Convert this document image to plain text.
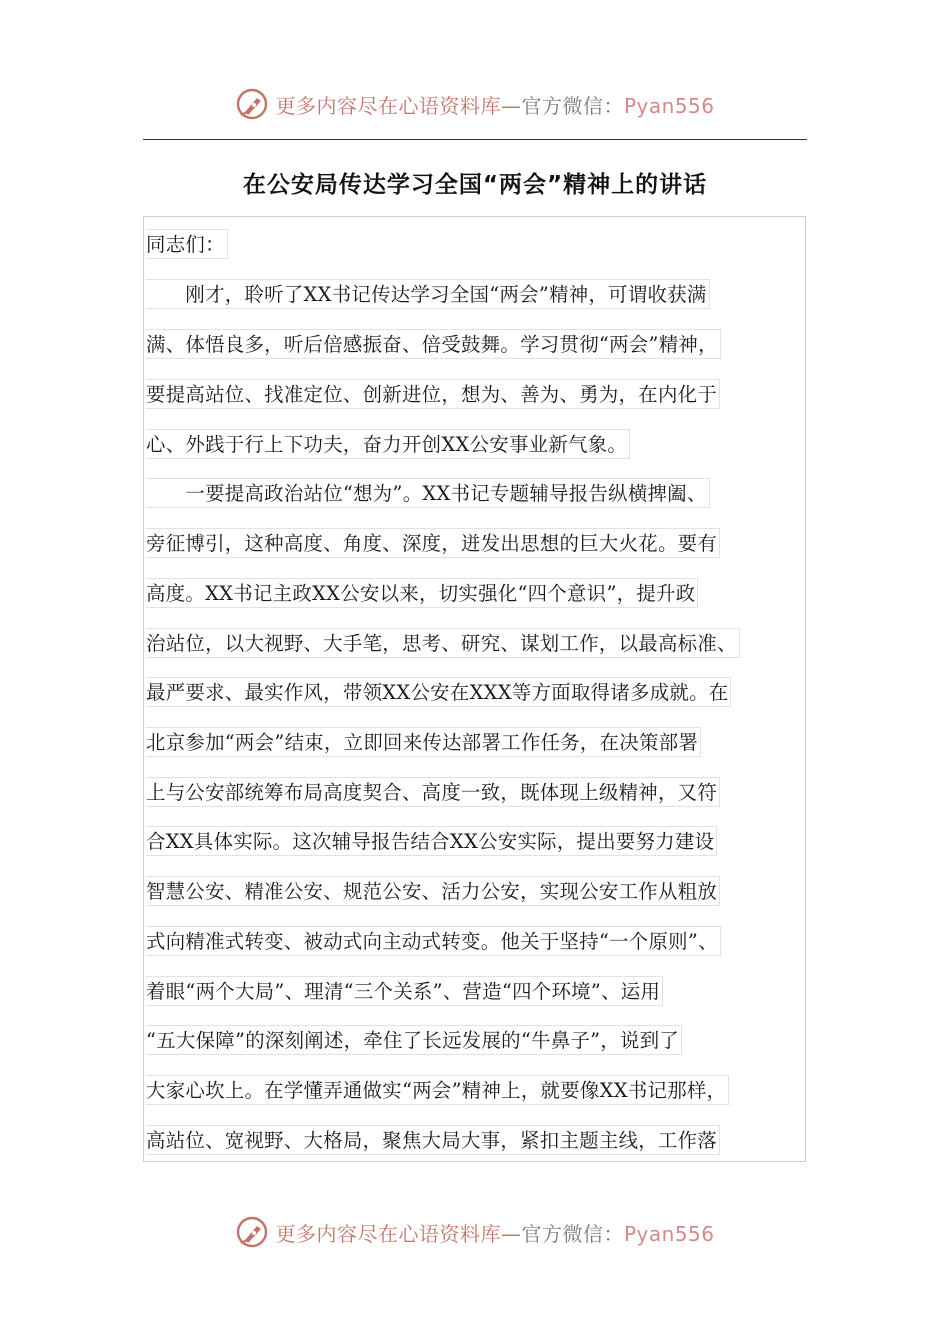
更多内容尽在心语资料库—官方微信：Pyan556
在公安局传达学习全国“两会”精神上的讲话
同志们：
　　刚才，聆听了XX书记传达学习全国“两会”精神，可谓收获满
满、体悟良多，听后倍感振奋、倍受鼓舞。学习贯彻“两会”精神，
要提高站位、找准定位、创新进位，想为、善为、勇为，在内化于
心、外践于行上下功夫，奋力开创XX公安事业新气象。
　　一要提高政治站位“想为”。XX书记专题辅导报告纵横捭阖、
旁征博引，这种高度、角度、深度，迸发出思想的巨大火花。要有
高度。XX书记主政XX公安以来，切实强化“四个意识”，提升政
治站位，以大视野、大手笔，思考、研究、谋划工作，以最高标准、
最严要求、最实作风，带领XX公安在XXX等方面取得诸多成就。在
北京参加“两会”结束，立即回来传达部署工作任务，在决策部署
上与公安部统筹布局高度契合、高度一致，既体现上级精神，又符
合XX具体实际。这次辅导报告结合XX公安实际，提出要努力建设
智慧公安、精准公安、规范公安、活力公安，实现公安工作从粗放
式向精准式转变、被动式向主动式转变。他关于坚持“一个原则”、
着眼“两个大局”、理清“三个关系”、营造“四个环境”、运用
“五大保障”的深刻阐述，牵住了长远发展的“牛鼻子”，说到了
大家心坎上。在学懂弄通做实“两会”精神上，就要像XX书记那样，
高站位、宽视野、大格局，聚焦大局大事，紧扣主题主线，工作落
更多内容尽在心语资料库—官方微信：Pyan556
